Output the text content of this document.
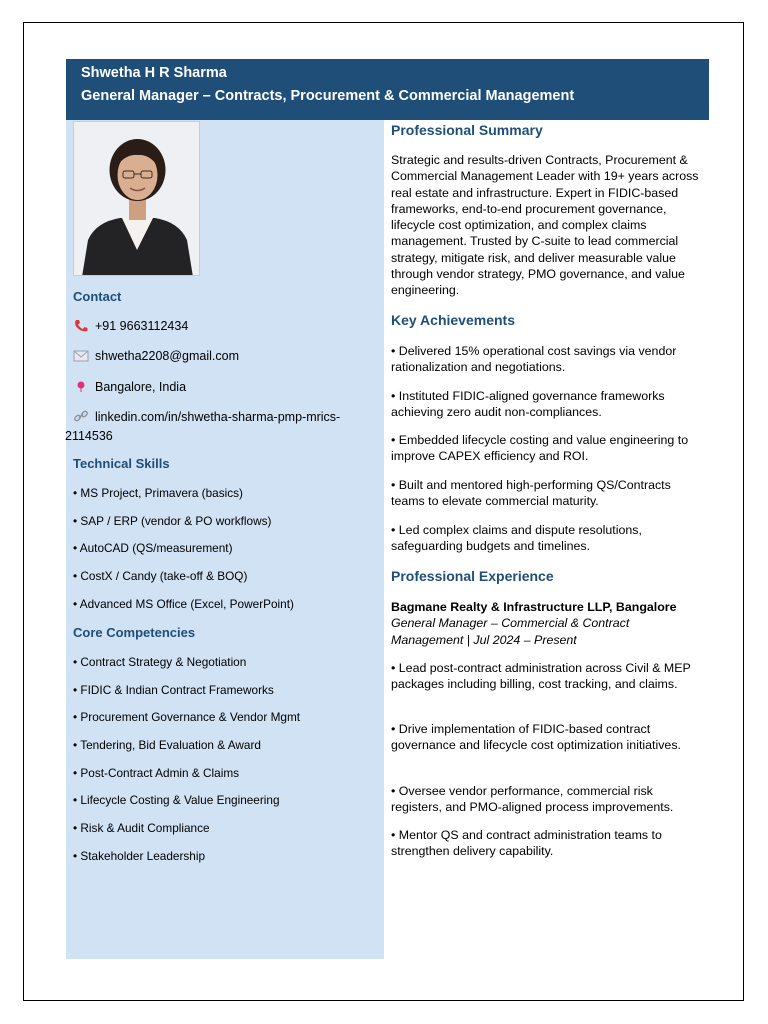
Shwetha H R Sharma
General Manager – Contracts, Procurement & Commercial Management
Contact
+91 9663112434
shwetha2208@gmail.com
Bangalore, India
linkedin.com/in/shwetha-sharma-pmp-mrics-2114536
Technical Skills
• MS Project, Primavera (basics)
• SAP / ERP (vendor & PO workflows)
• AutoCAD (QS/measurement)
• CostX / Candy (take-off & BOQ)
• Advanced MS Office (Excel, PowerPoint)
Core Competencies
• Contract Strategy & Negotiation
• FIDIC & Indian Contract Frameworks
• Procurement Governance & Vendor Mgmt
• Tendering, Bid Evaluation & Award
• Post-Contract Admin & Claims
• Lifecycle Costing & Value Engineering
• Risk & Audit Compliance
• Stakeholder Leadership
Professional Summary
Strategic and results-driven Contracts, Procurement & Commercial Management Leader with 19+ years across real estate and infrastructure. Expert in FIDIC-based frameworks, end-to-end procurement governance, lifecycle cost optimization, and complex claims management. Trusted by C-suite to lead commercial strategy, mitigate risk, and deliver measurable value through vendor strategy, PMO governance, and value engineering.
Key Achievements
• Delivered 15% operational cost savings via vendor rationalization and negotiations.
• Instituted FIDIC-aligned governance frameworks achieving zero audit non-compliances.
• Embedded lifecycle costing and value engineering to improve CAPEX efficiency and ROI.
• Built and mentored high-performing QS/Contracts teams to elevate commercial maturity.
• Led complex claims and dispute resolutions, safeguarding budgets and timelines.
Professional Experience
Bagmane Realty & Infrastructure LLP, Bangalore
General Manager – Commercial & Contract Management | Jul 2024 – Present
• Lead post-contract administration across Civil & MEP packages including billing, cost tracking, and claims.
• Drive implementation of FIDIC-based contract governance and lifecycle cost optimization initiatives.
• Oversee vendor performance, commercial risk registers, and PMO-aligned process improvements.
• Mentor QS and contract administration teams to strengthen delivery capability.
